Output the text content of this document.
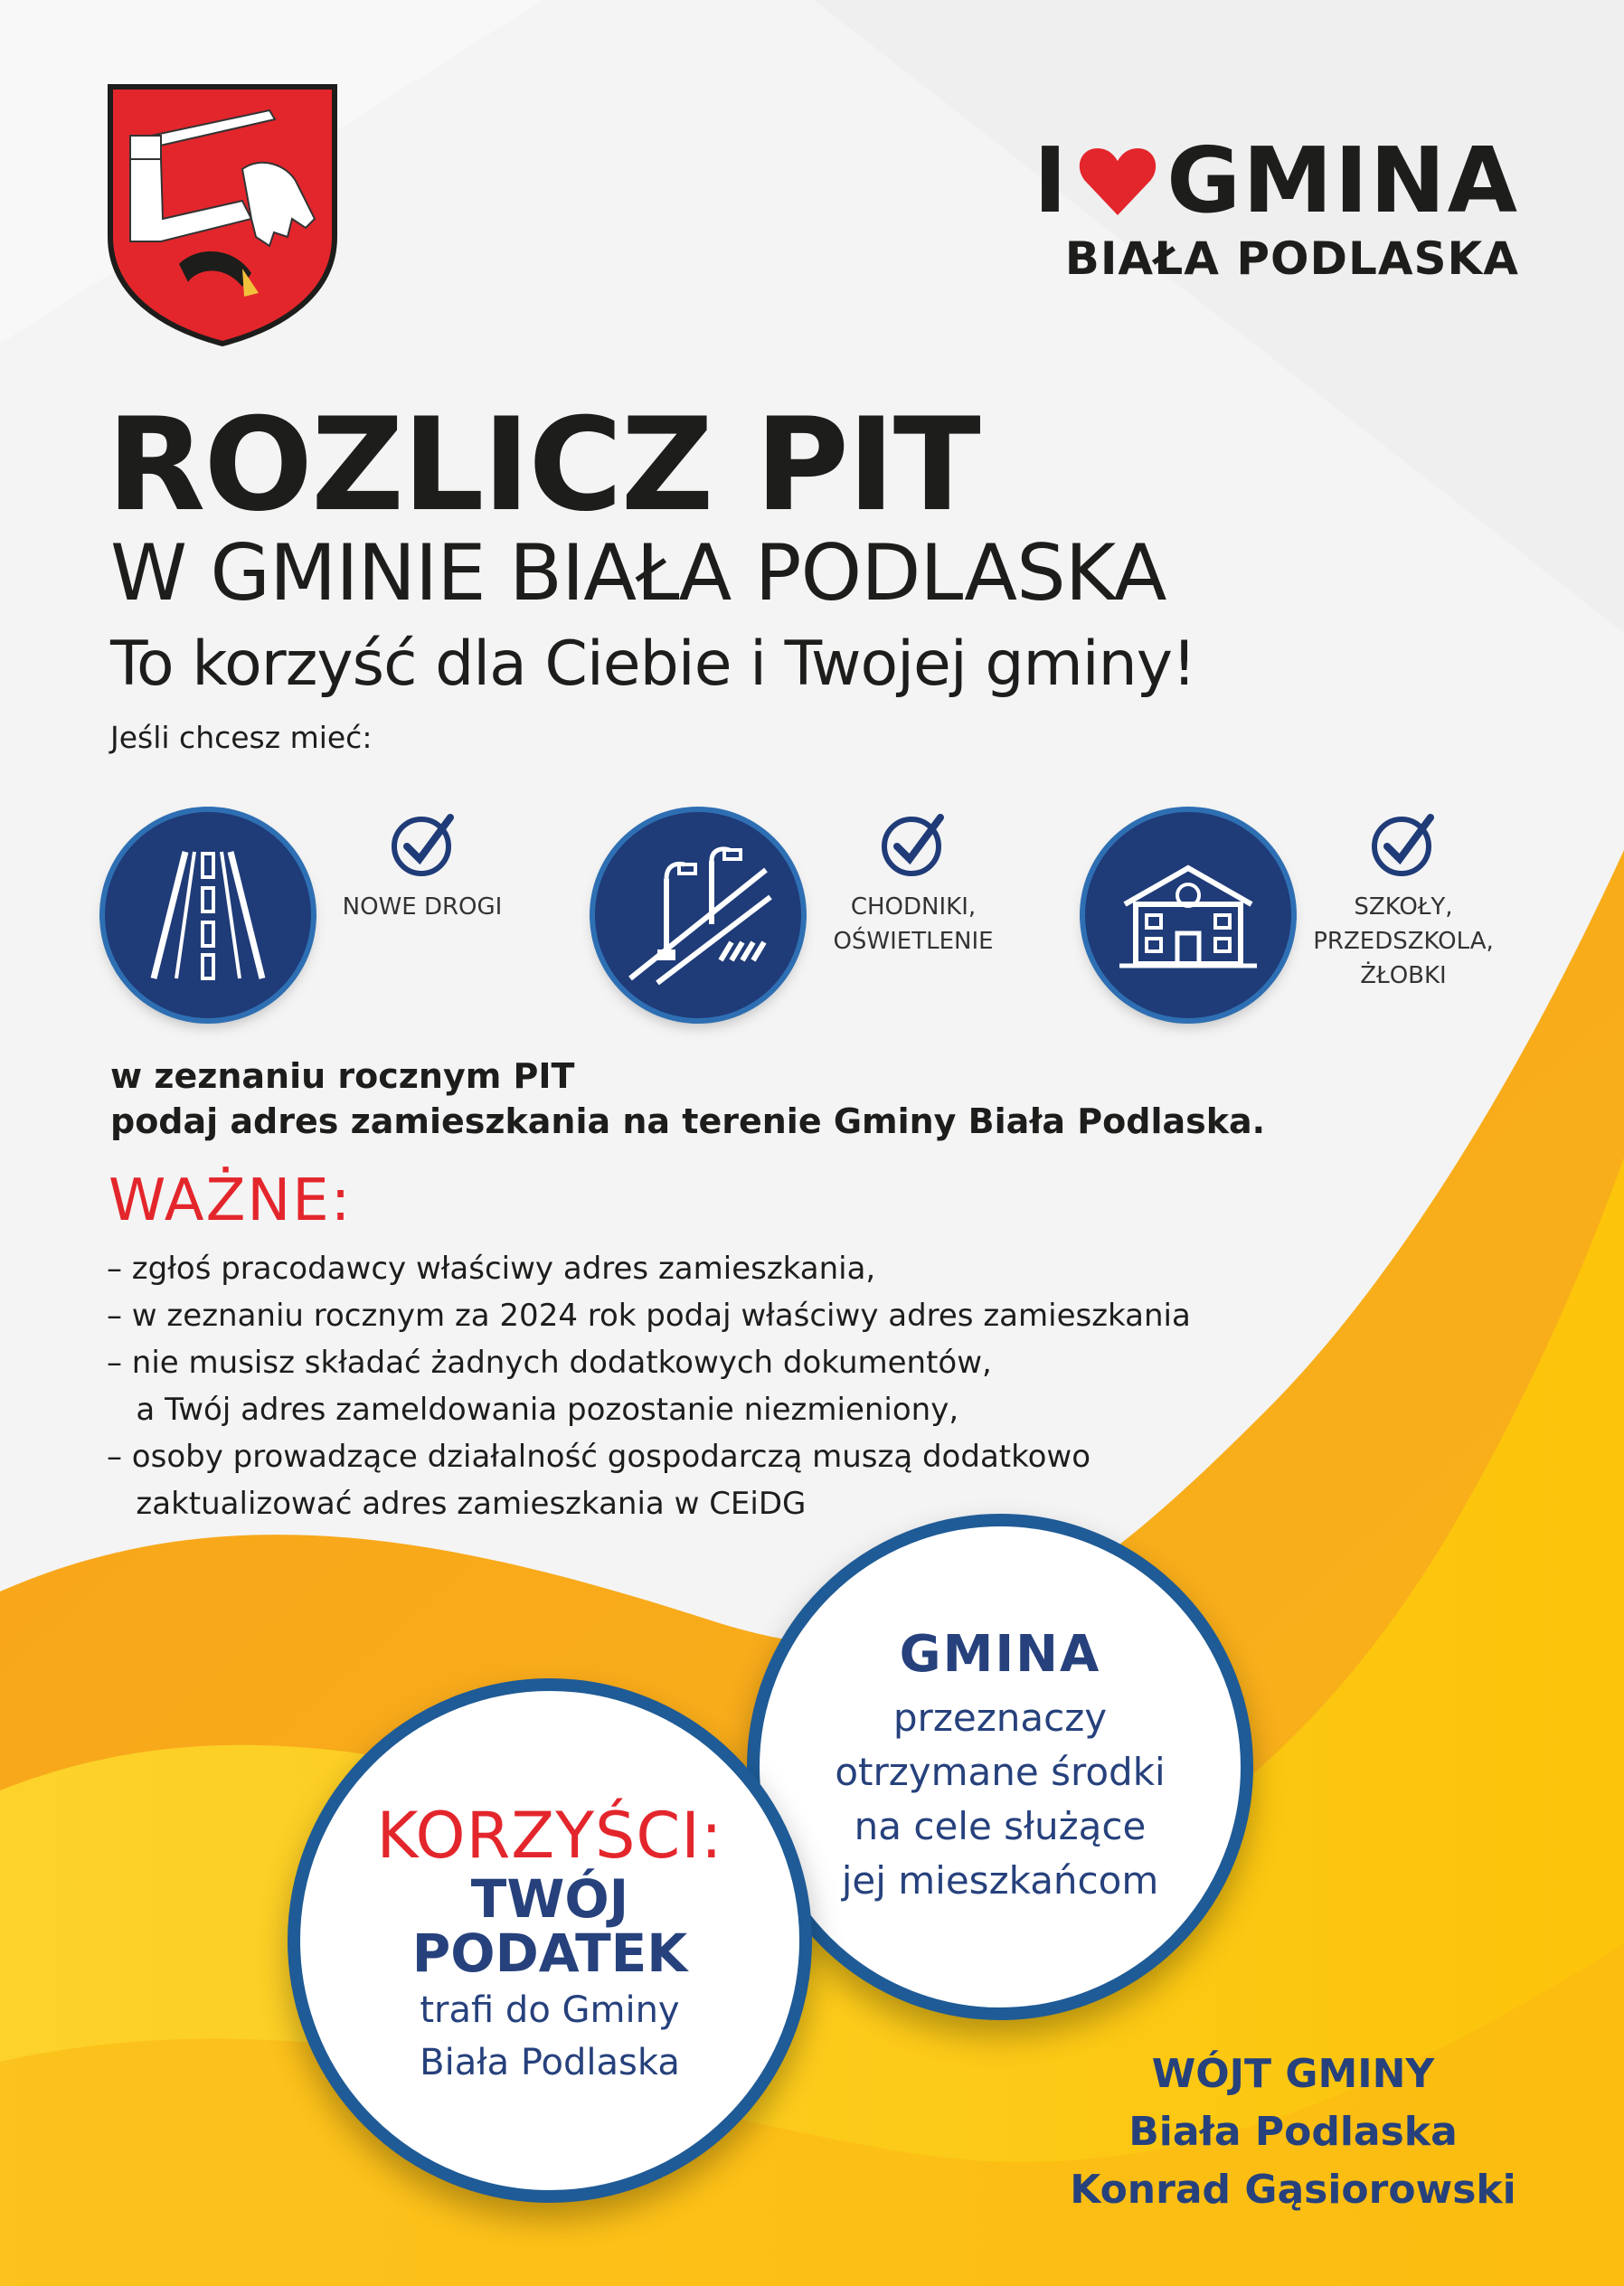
I GMINA
BIAŁA PODLASKA
ROZLICZ PIT
W GMINIE BIAŁA PODLASKA
To korzyść dla Ciebie i Twojej gminy!
Jeśli chcesz mieć:
NOWE DROGI	CHODNIKI,
OŚWIETLENIE
SZKOŁY,
PRZEDSZKOLA,
ŻŁOBKI
w zeznaniu rocznym PIT
podaj adres zamieszkania na terenie Gminy Biała Podlaska.
WAŻNE:
– zgłoś pracodawcy właściwy adres zamieszkania,
– w zeznaniu rocznym za 2024 rok podaj właściwy adres zamieszkania
– nie musisz składać żadnych dodatkowych dokumentów,
a Twój adres zameldowania pozostanie niezmieniony,
– osoby prowadzące działalność gospodarczą muszą dodatkowo
zaktualizować adres zamieszkania w CEiDG
GMINA
przeznaczy
otrzymane środki
na cele służące
jej mieszkańcom
KORZYŚCI:
TWÓJ
PODATEK
trafi do Gminy
Biała Podlaska	WÓJT GMINY
Biała Podlaska
Konrad Gąsiorowski
